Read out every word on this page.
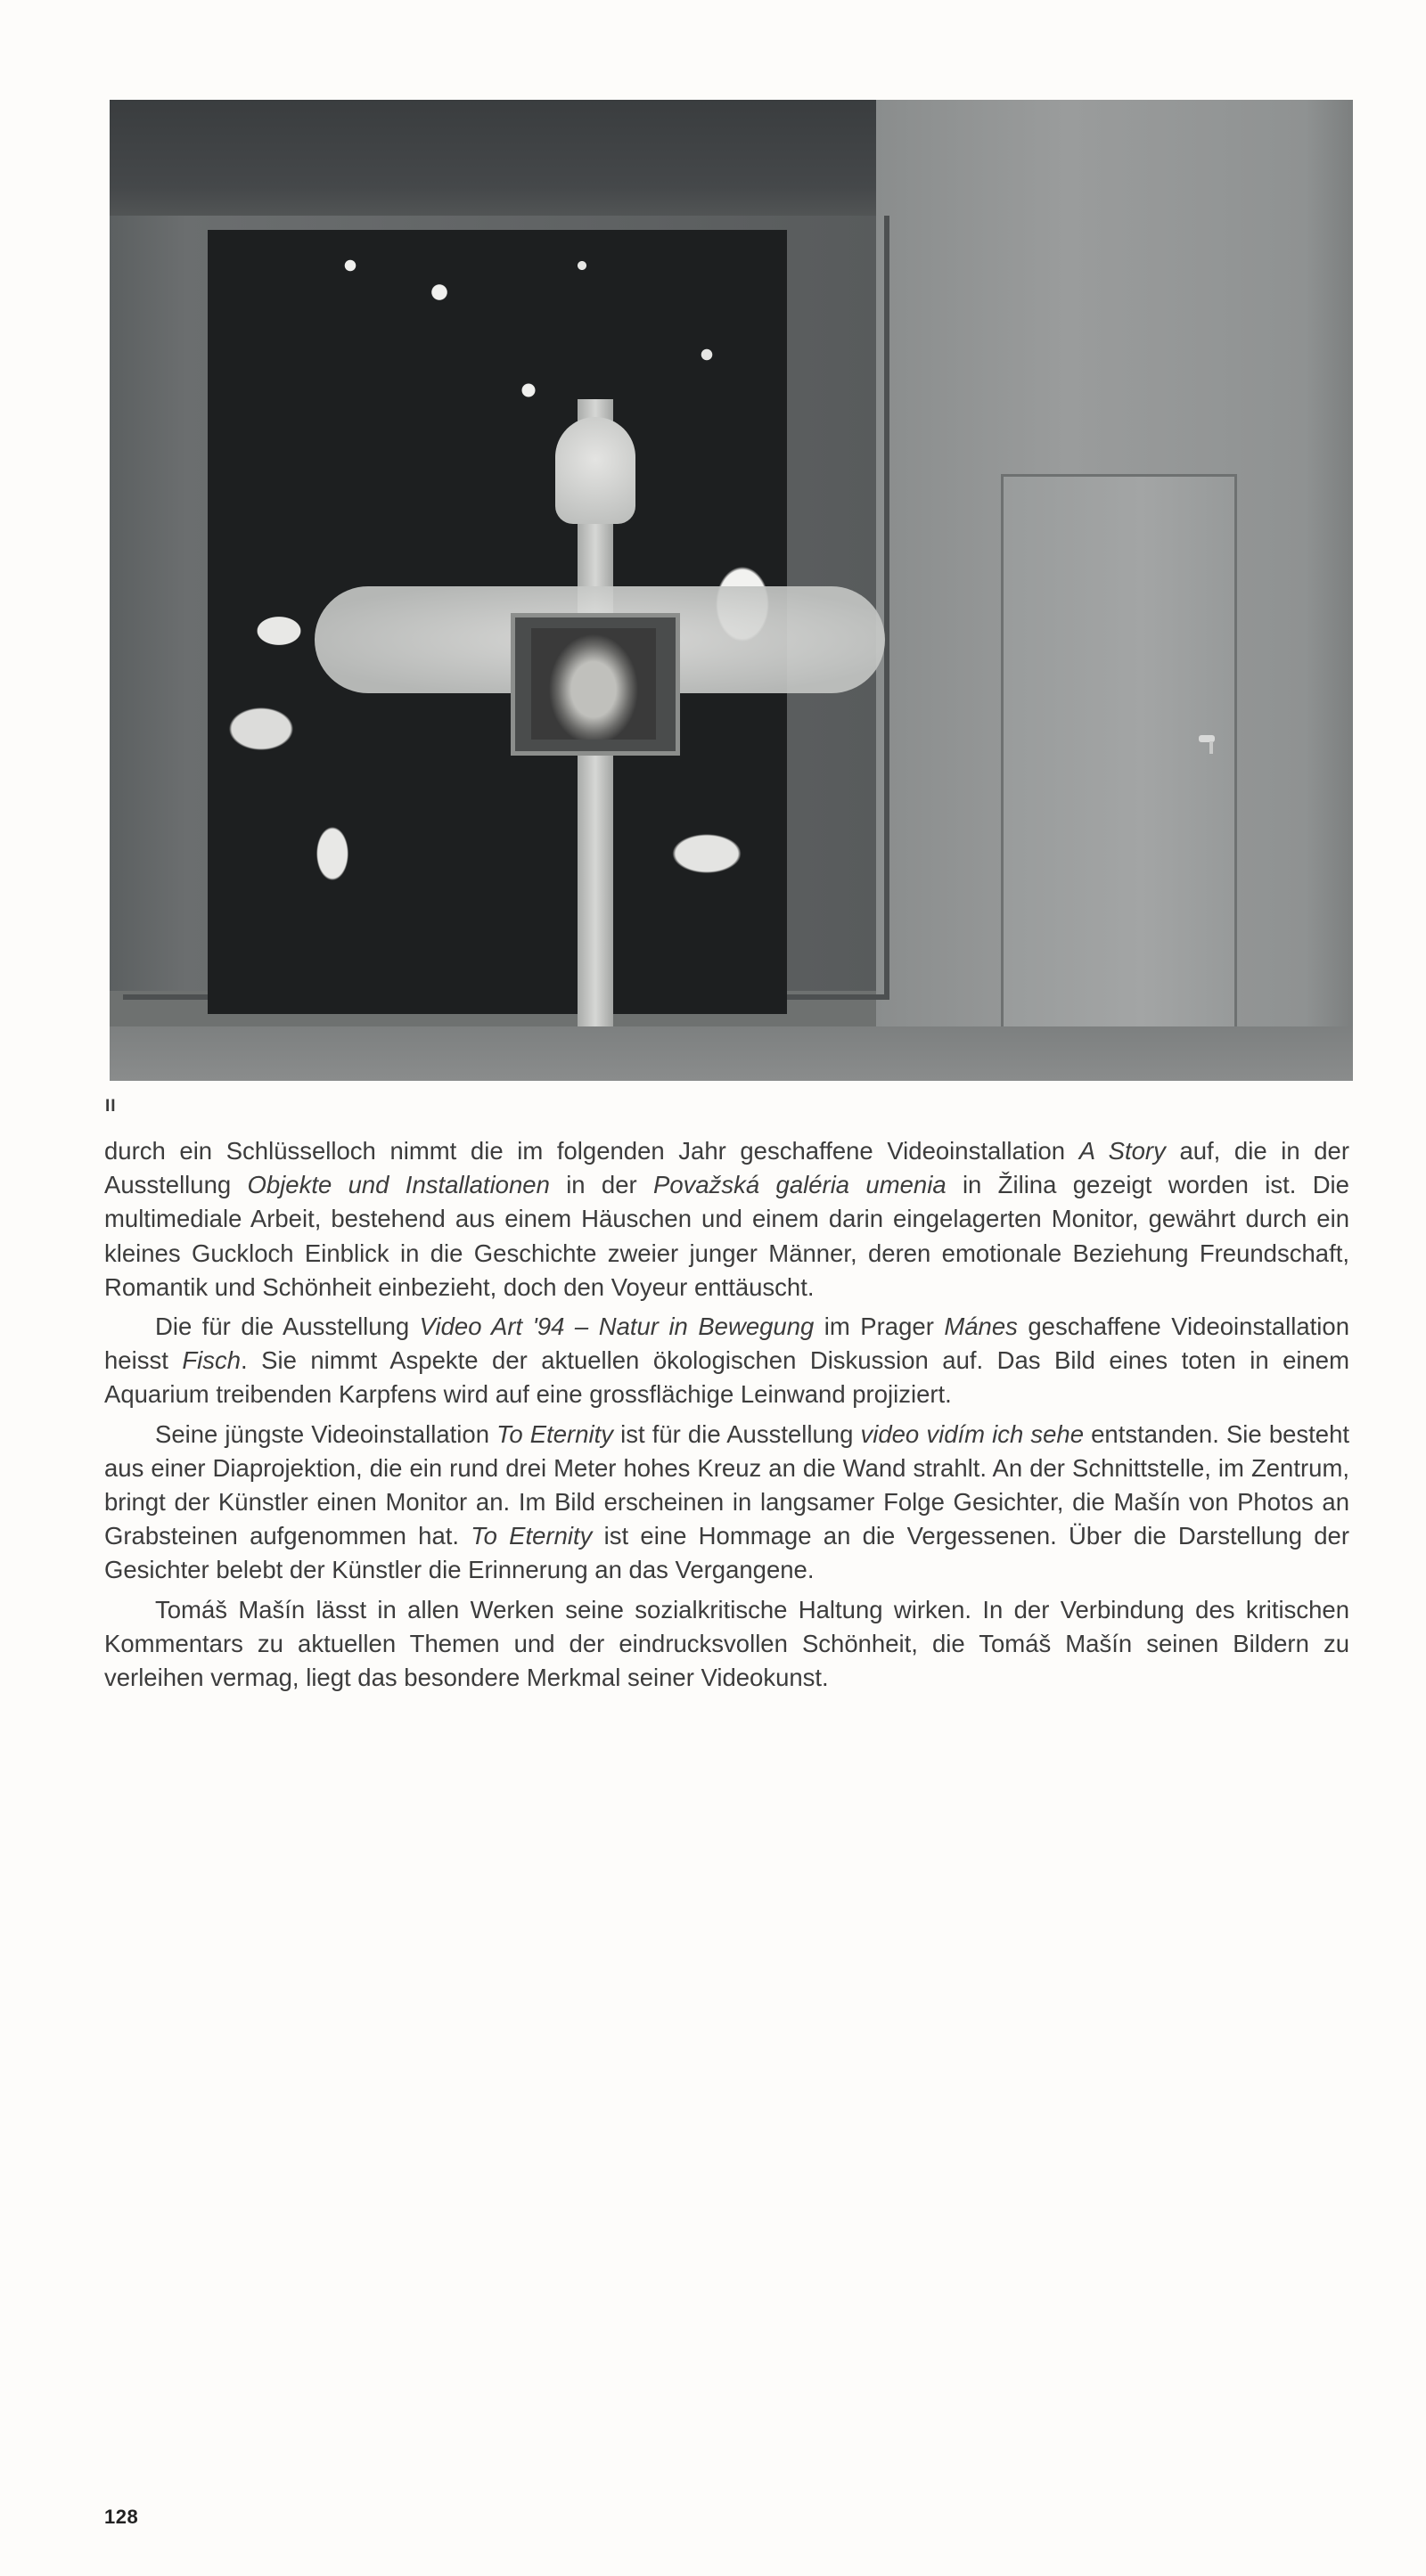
II

durch ein Schlüsselloch nimmt die im folgenden Jahr geschaffene Videoinstallation A Story auf, die in der Ausstellung Objekte und Installationen in der Považská galéria umenia in Žilina gezeigt worden ist. Die multimediale Arbeit, bestehend aus einem Häuschen und einem darin eingelagerten Monitor, gewährt durch ein kleines Guckloch Einblick in die Geschichte zweier junger Männer, deren emotionale Beziehung Freundschaft, Romantik und Schönheit einbezieht, doch den Voyeur enttäuscht.

Die für die Ausstellung Video Art '94 – Natur in Bewegung im Prager Mánes geschaffene Videoinstallation heisst Fisch. Sie nimmt Aspekte der aktuellen ökologischen Diskussion auf. Das Bild eines toten in einem Aquarium treibenden Karpfens wird auf eine grossflächige Leinwand projiziert.

Seine jüngste Videoinstallation To Eternity ist für die Ausstellung video vidím ich sehe entstanden. Sie besteht aus einer Diaprojektion, die ein rund drei Meter hohes Kreuz an die Wand strahlt. An der Schnittstelle, im Zentrum, bringt der Künstler einen Monitor an. Im Bild erscheinen in langsamer Folge Gesichter, die Mašín von Photos an Grabsteinen aufgenommen hat. To Eternity ist eine Hommage an die Vergessenen. Über die Darstellung der Gesichter belebt der Künstler die Erinnerung an das Vergangene.

Tomáš Mašín lässt in allen Werken seine sozialkritische Haltung wirken. In der Verbindung des kritischen Kommentars zu aktuellen Themen und der eindrucksvollen Schönheit, die Tomáš Mašín seinen Bildern zu verleihen vermag, liegt das besondere Merkmal seiner Videokunst.

128
